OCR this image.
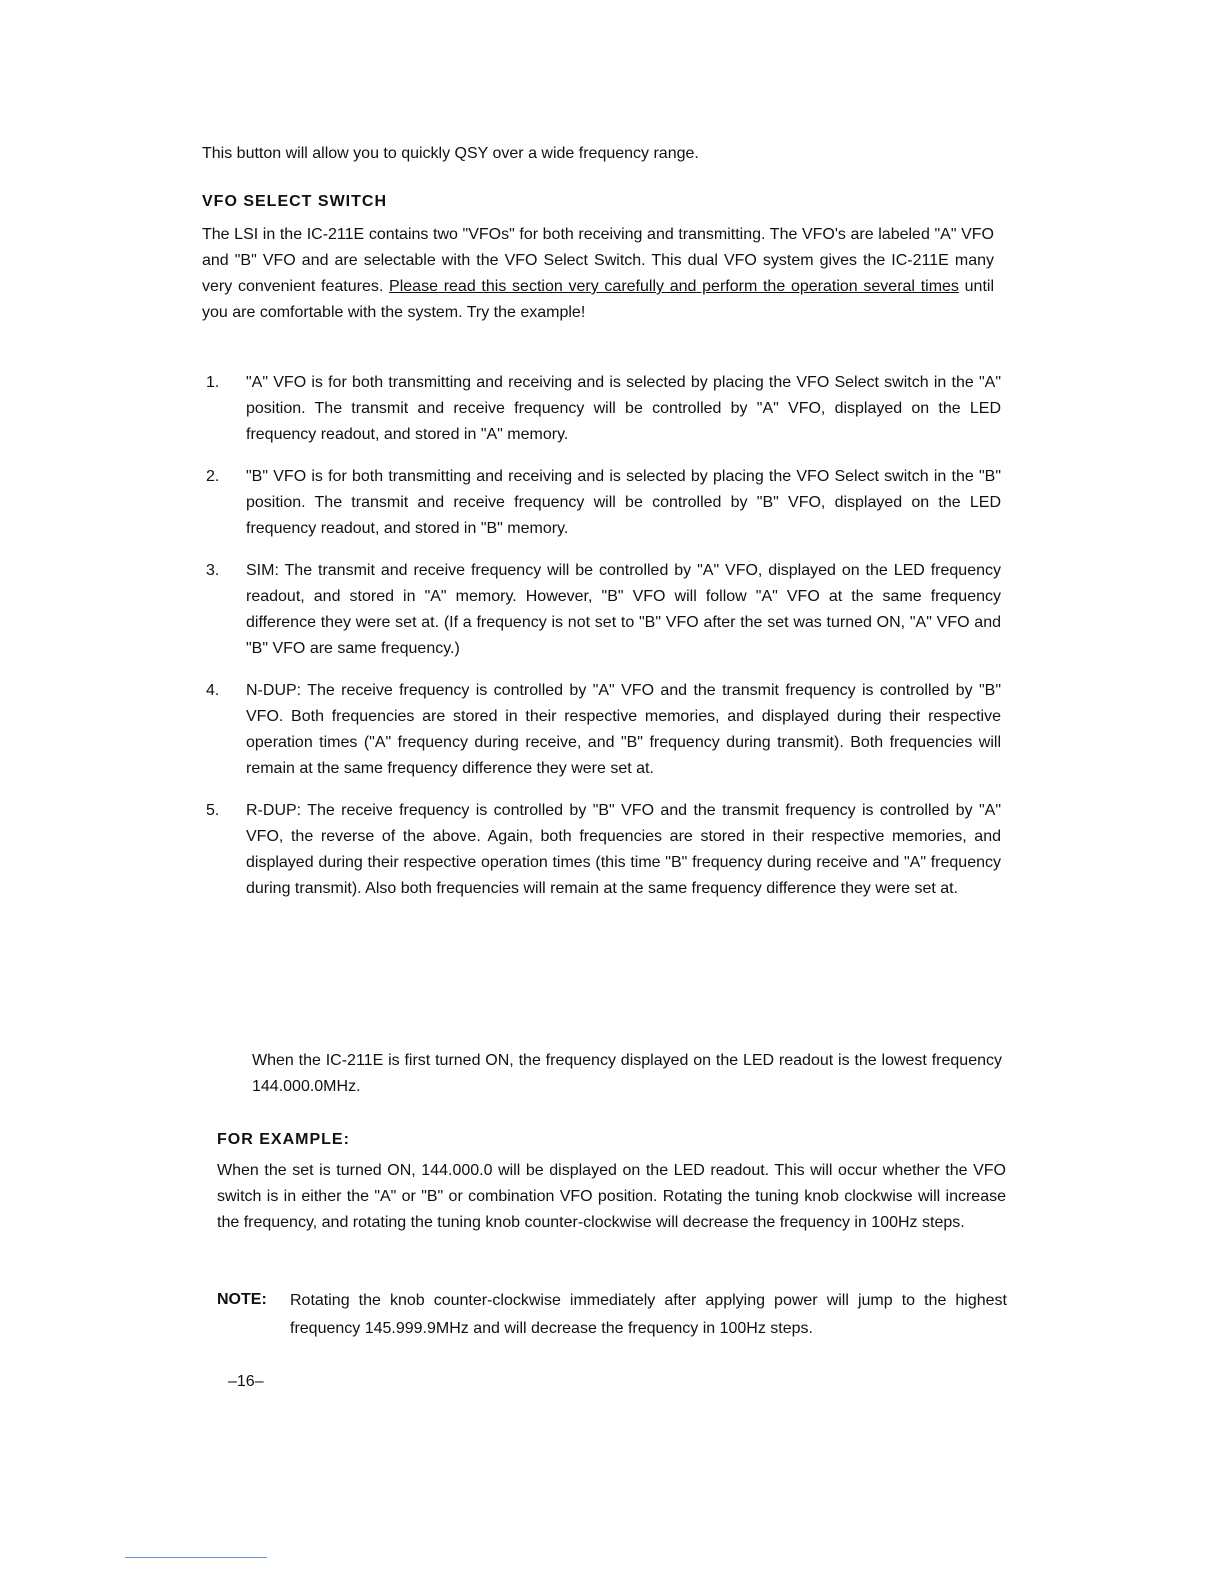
This button will allow you to quickly QSY over a wide frequency range.
VFO SELECT SWITCH
The LSI in the IC-211E contains two "VFOs" for both receiving and transmitting. The VFO's are labeled "A" VFO and "B" VFO and are selectable with the VFO Select Switch. This dual VFO system gives the IC-211E many very convenient features. Please read this section very carefully and perform the operation several times until you are comfortable with the system. Try the example!
1. "A" VFO is for both transmitting and receiving and is selected by placing the VFO Select switch in the "A" position. The transmit and receive frequency will be controlled by "A" VFO, displayed on the LED frequency readout, and stored in "A" memory.
2. "B" VFO is for both transmitting and receiving and is selected by placing the VFO Select switch in the "B" position. The transmit and receive frequency will be controlled by "B" VFO, displayed on the LED frequency readout, and stored in "B" memory.
3. SIM: The transmit and receive frequency will be controlled by "A" VFO, displayed on the LED frequency readout, and stored in "A" memory. However, "B" VFO will follow "A" VFO at the same frequency difference they were set at. (If a frequency is not set to "B" VFO after the set was turned ON, "A" VFO and "B" VFO are same frequency.)
4. N-DUP: The receive frequency is controlled by "A" VFO and the transmit frequency is controlled by "B" VFO. Both frequencies are stored in their respective memories, and displayed during their respective operation times ("A" frequency during receive, and "B" frequency during transmit). Both frequencies will remain at the same frequency difference they were set at.
5. R-DUP: The receive frequency is controlled by "B" VFO and the transmit frequency is controlled by "A" VFO, the reverse of the above. Again, both frequencies are stored in their respective memories, and displayed during their respective operation times (this time "B" frequency during receive and "A" frequency during transmit). Also both frequencies will remain at the same frequency difference they were set at.
When the IC-211E is first turned ON, the frequency displayed on the LED readout is the lowest frequency 144.000.0MHz.
FOR EXAMPLE:
When the set is turned ON, 144.000.0 will be displayed on the LED readout. This will occur whether the VFO switch is in either the "A" or "B" or combination VFO position. Rotating the tuning knob clockwise will increase the frequency, and rotating the tuning knob counter-clockwise will decrease the frequency in 100Hz steps.
NOTE: Rotating the knob counter-clockwise immediately after applying power will jump to the highest frequency 145.999.9MHz and will decrease the frequency in 100Hz steps.
–16–
